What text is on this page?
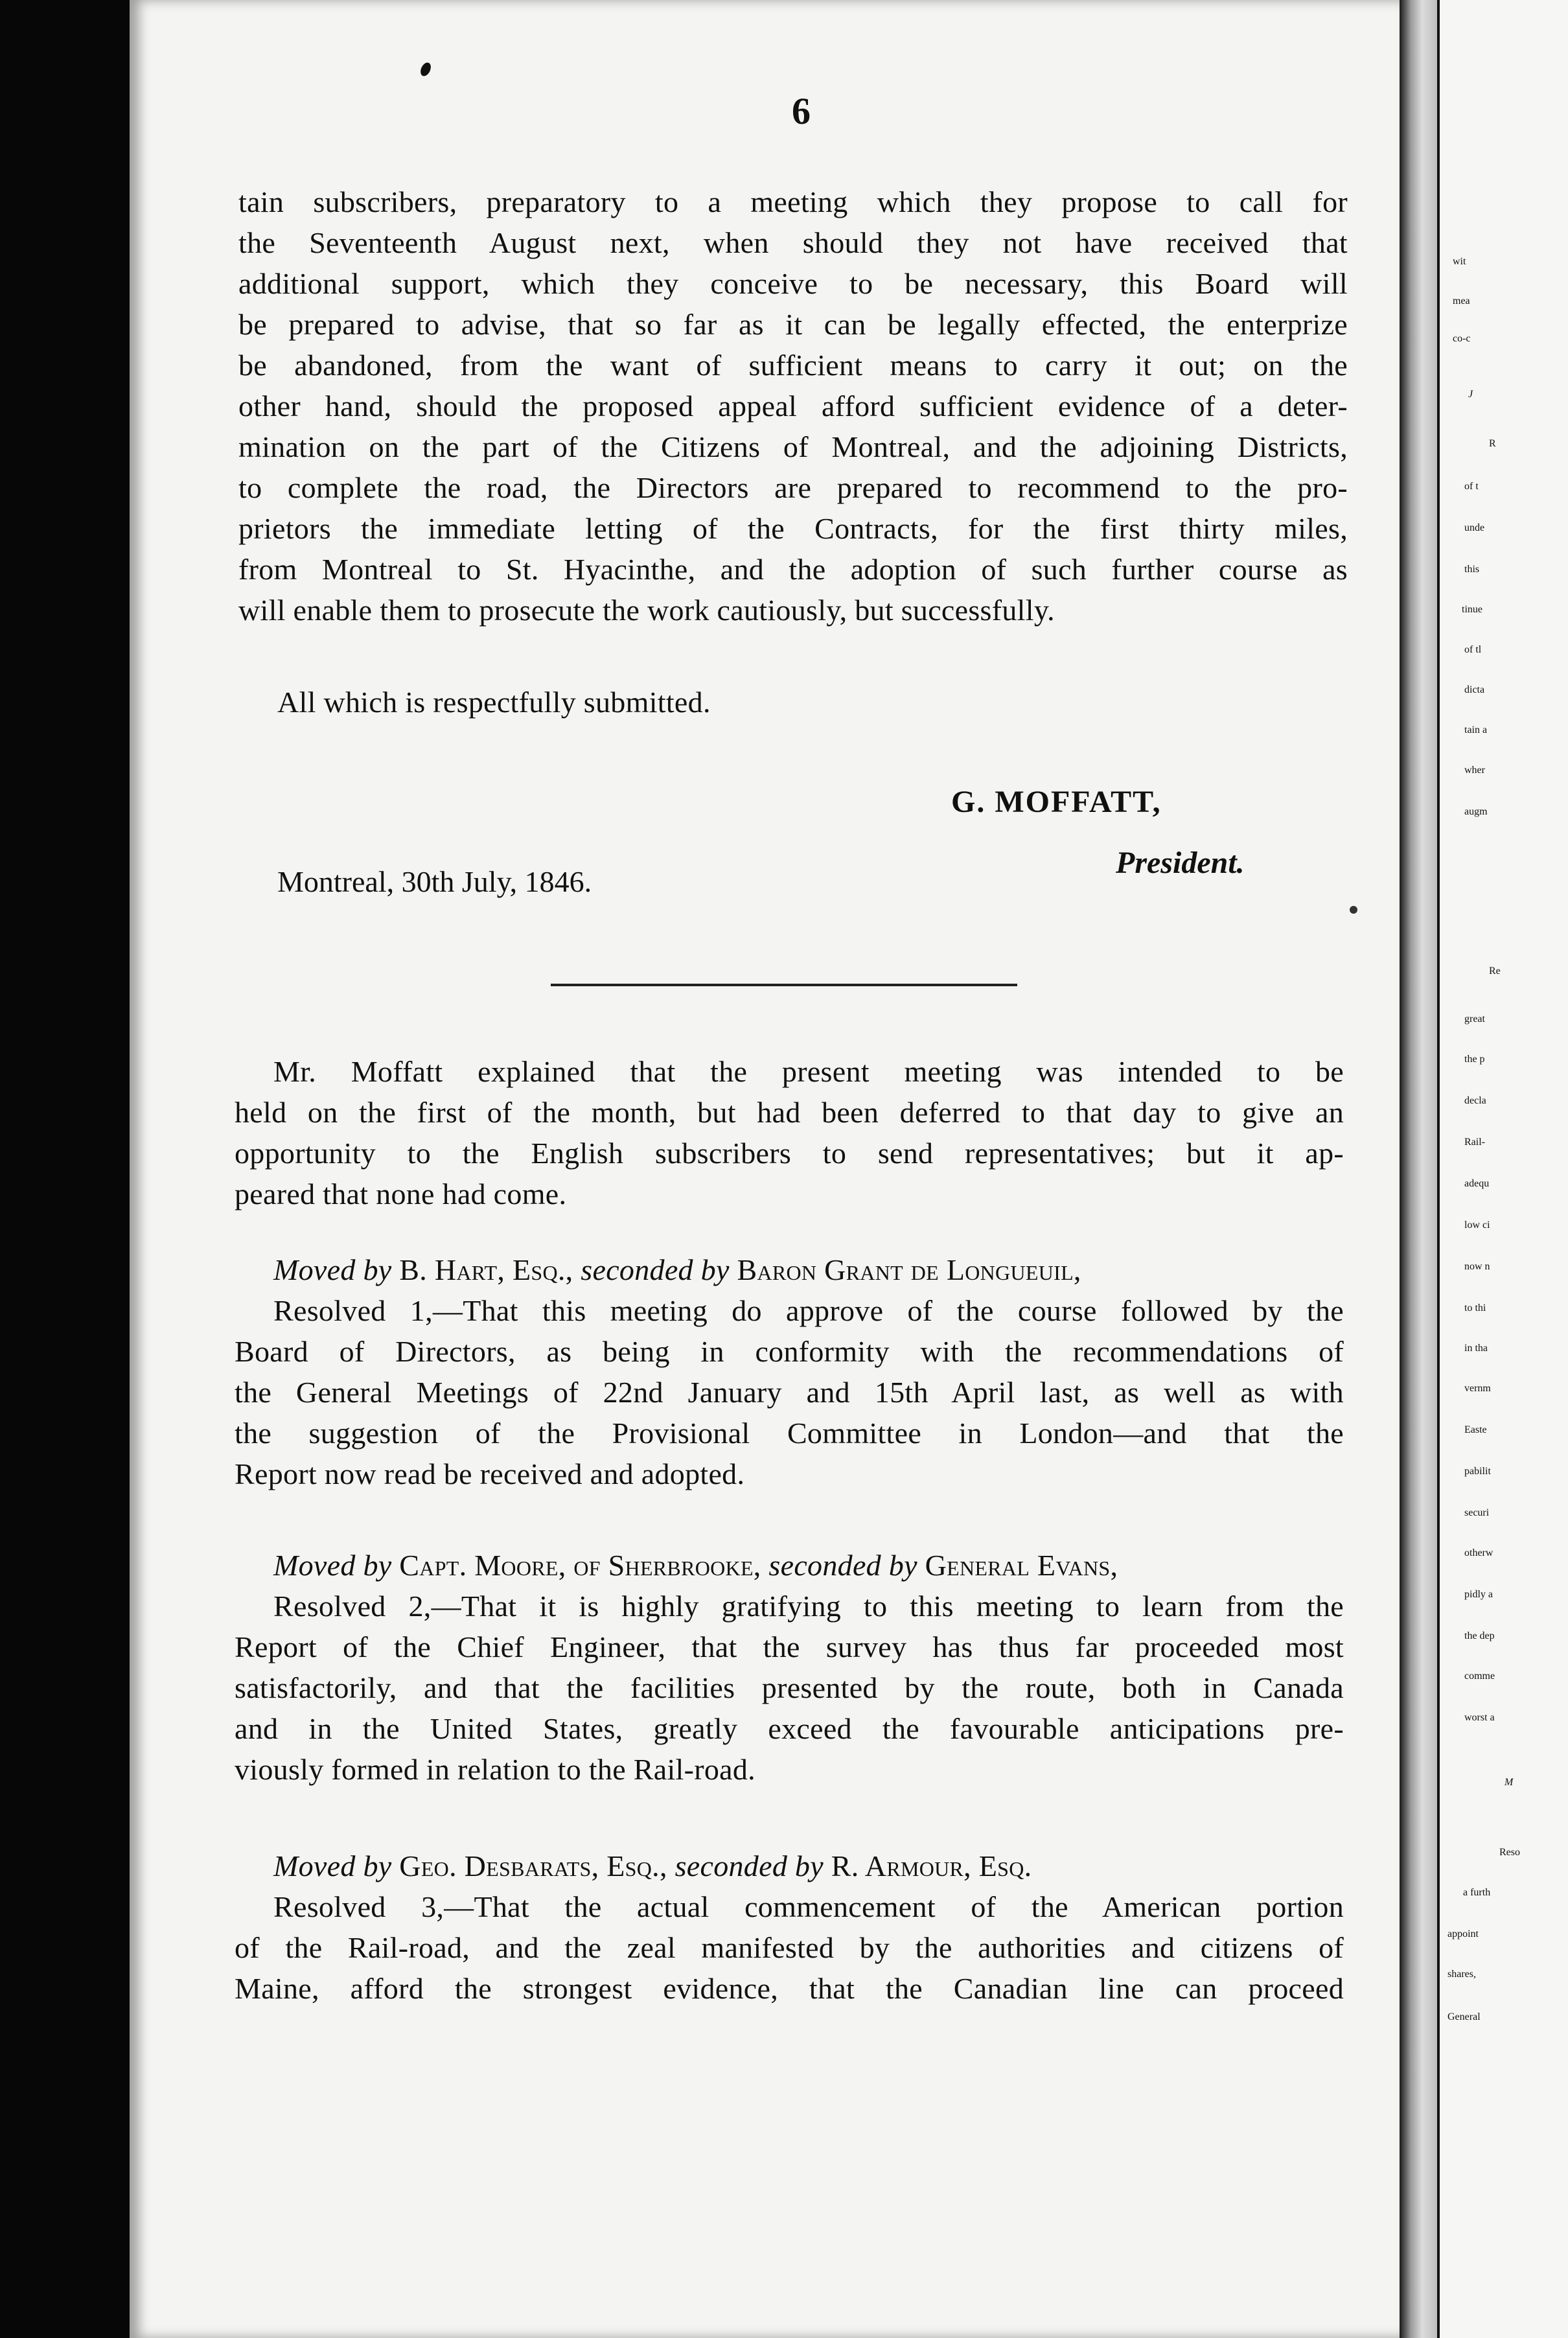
6

tain subscribers, preparatory to a meeting which they propose to call for

the Seventeenth August next, when should they not have received that

additional support, which they conceive to be necessary, this Board will

be prepared to advise, that so far as it can be legally effected, the enterprize

be abandoned, from the want of sufficient means to carry it out; on the

other hand, should the proposed appeal afford sufficient evidence of a deter-

mination on the part of the Citizens of Montreal, and the adjoining Districts,

to complete the road, the Directors are prepared to recommend to the pro-

prietors the immediate letting of the Contracts, for the first thirty miles,

from Montreal to St. Hyacinthe, and the adoption of such further course as

will enable them to prosecute the work cautiously, but successfully.

All which is respectfully submitted.

G. MOFFATT,
President.
Montreal, 30th July, 1846.

Mr. Moffatt explained that the present meeting was intended to be

held on the first of the month, but had been deferred to that day to give an

opportunity to the English subscribers to send representatives; but it ap-

peared that none had come.

Moved by B. Hart, Esq., seconded by Baron Grant de Longueuil,

Resolved 1,—That this meeting do approve of the course followed by the

Board of Directors, as being in conformity with the recommendations of

the General Meetings of 22nd January and 15th April last, as well as with

the suggestion of the Provisional Committee in London—and that the

Report now read be received and adopted.

Moved by Capt. Moore, of Sherbrooke, seconded by General Evans,

Resolved 2,—That it is highly gratifying to this meeting to learn from the

Report of the Chief Engineer, that the survey has thus far proceeded most

satisfactorily, and that the facilities presented by the route, both in Canada

and in the United States, greatly exceed the favourable anticipations pre-

viously formed in relation to the Rail-road.

Moved by Geo. Desbarats, Esq., seconded by R. Armour, Esq.

Resolved 3,—That the actual commencement of the American portion

of the Rail-road, and the zeal manifested by the authorities and citizens of

Maine, afford the strongest evidence, that the Canadian line can proceed

wit
mea
co-c
J
R
of t
unde
this
tinue
of tl
dicta
tain a
wher
augm
Re
great
the p
decla
Rail-
adequ
low ci
now n
to thi
in tha
vernm
Easte
pabilit
securi
otherw
pidly a
the dep
comme
worst a
M
Reso
a furth
appoint
shares,
General
